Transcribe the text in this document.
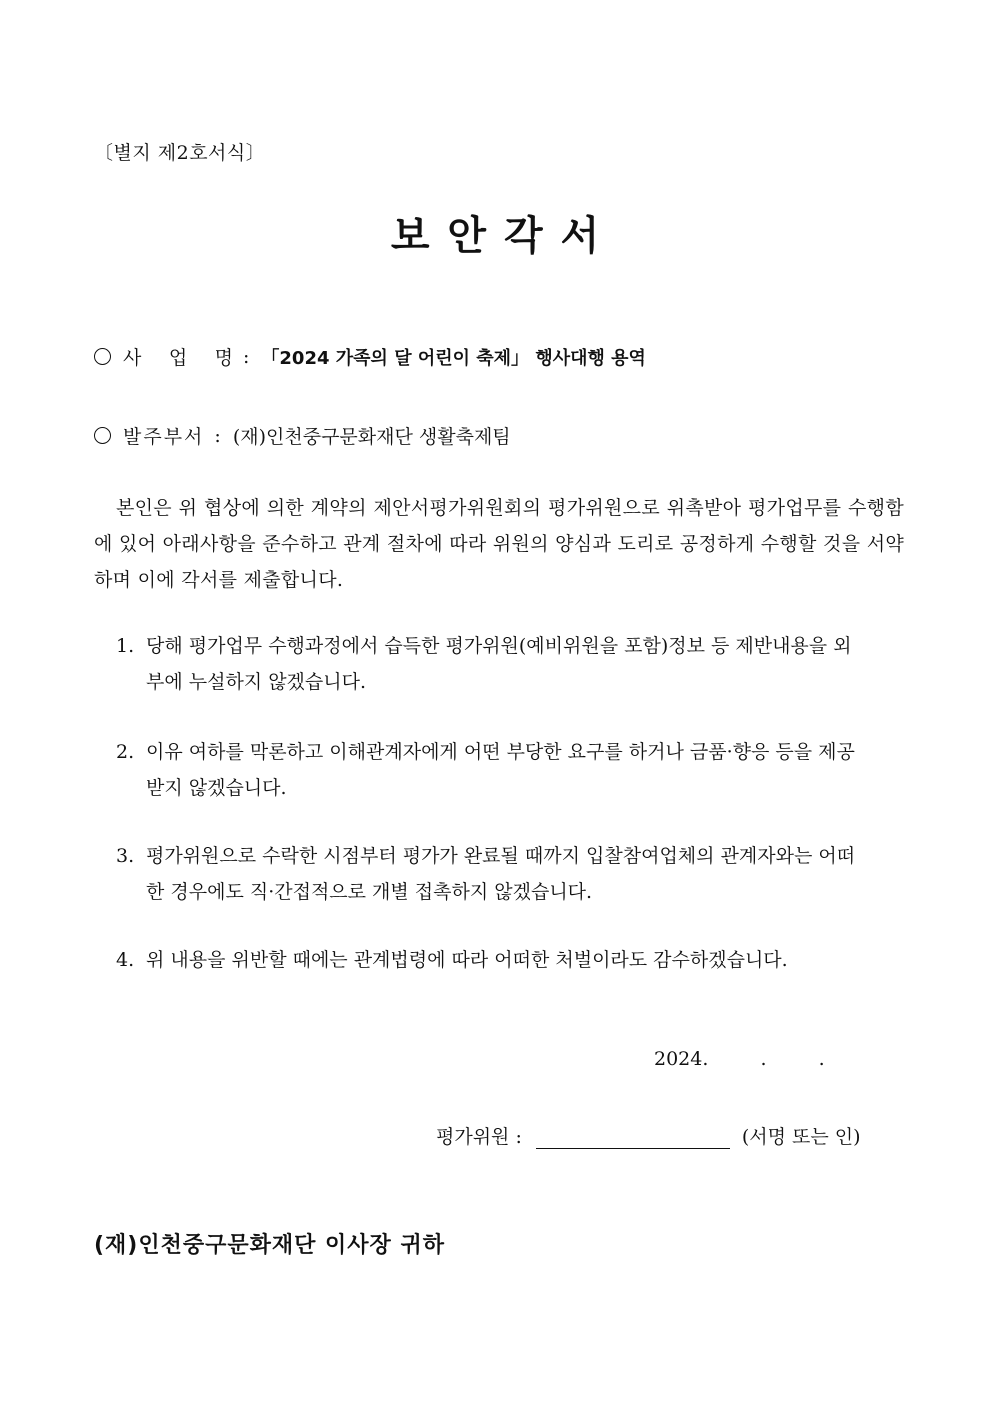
〔별지 제2호서식〕
보 안 각 서
사 업 명 : 「2024 가족의 달 어린이 축제」 행사대행 용역
발주부서 : (재)인천중구문화재단 생활축제팀
본인은 위 협상에 의한 계약의 제안서평가위원회의 평가위원으로 위촉받아 평가업무를 수행함에 있어 아래사항을 준수하고 관계 절차에 따라 위원의 양심과 도리로 공정하게 수행할 것을 서약하며 이에 각서를 제출합니다.
1. 당해 평가업무 수행과정에서 습득한 평가위원(예비위원을 포함)정보 등 제반내용을 외부에 누설하지 않겠습니다.
2. 이유 여하를 막론하고 이해관계자에게 어떤 부당한 요구를 하거나 금품·향응 등을 제공받지 않겠습니다.
3. 평가위원으로 수락한 시점부터 평가가 완료될 때까지 입찰참여업체의 관계자와는 어떠한 경우에도 직·간접적으로 개별 접촉하지 않겠습니다.
4. 위 내용을 위반할 때에는 관계법령에 따라 어떠한 처벌이라도 감수하겠습니다.
2024.	.	.
평가위원 :	(서명 또는 인)
(재)인천중구문화재단 이사장 귀하
